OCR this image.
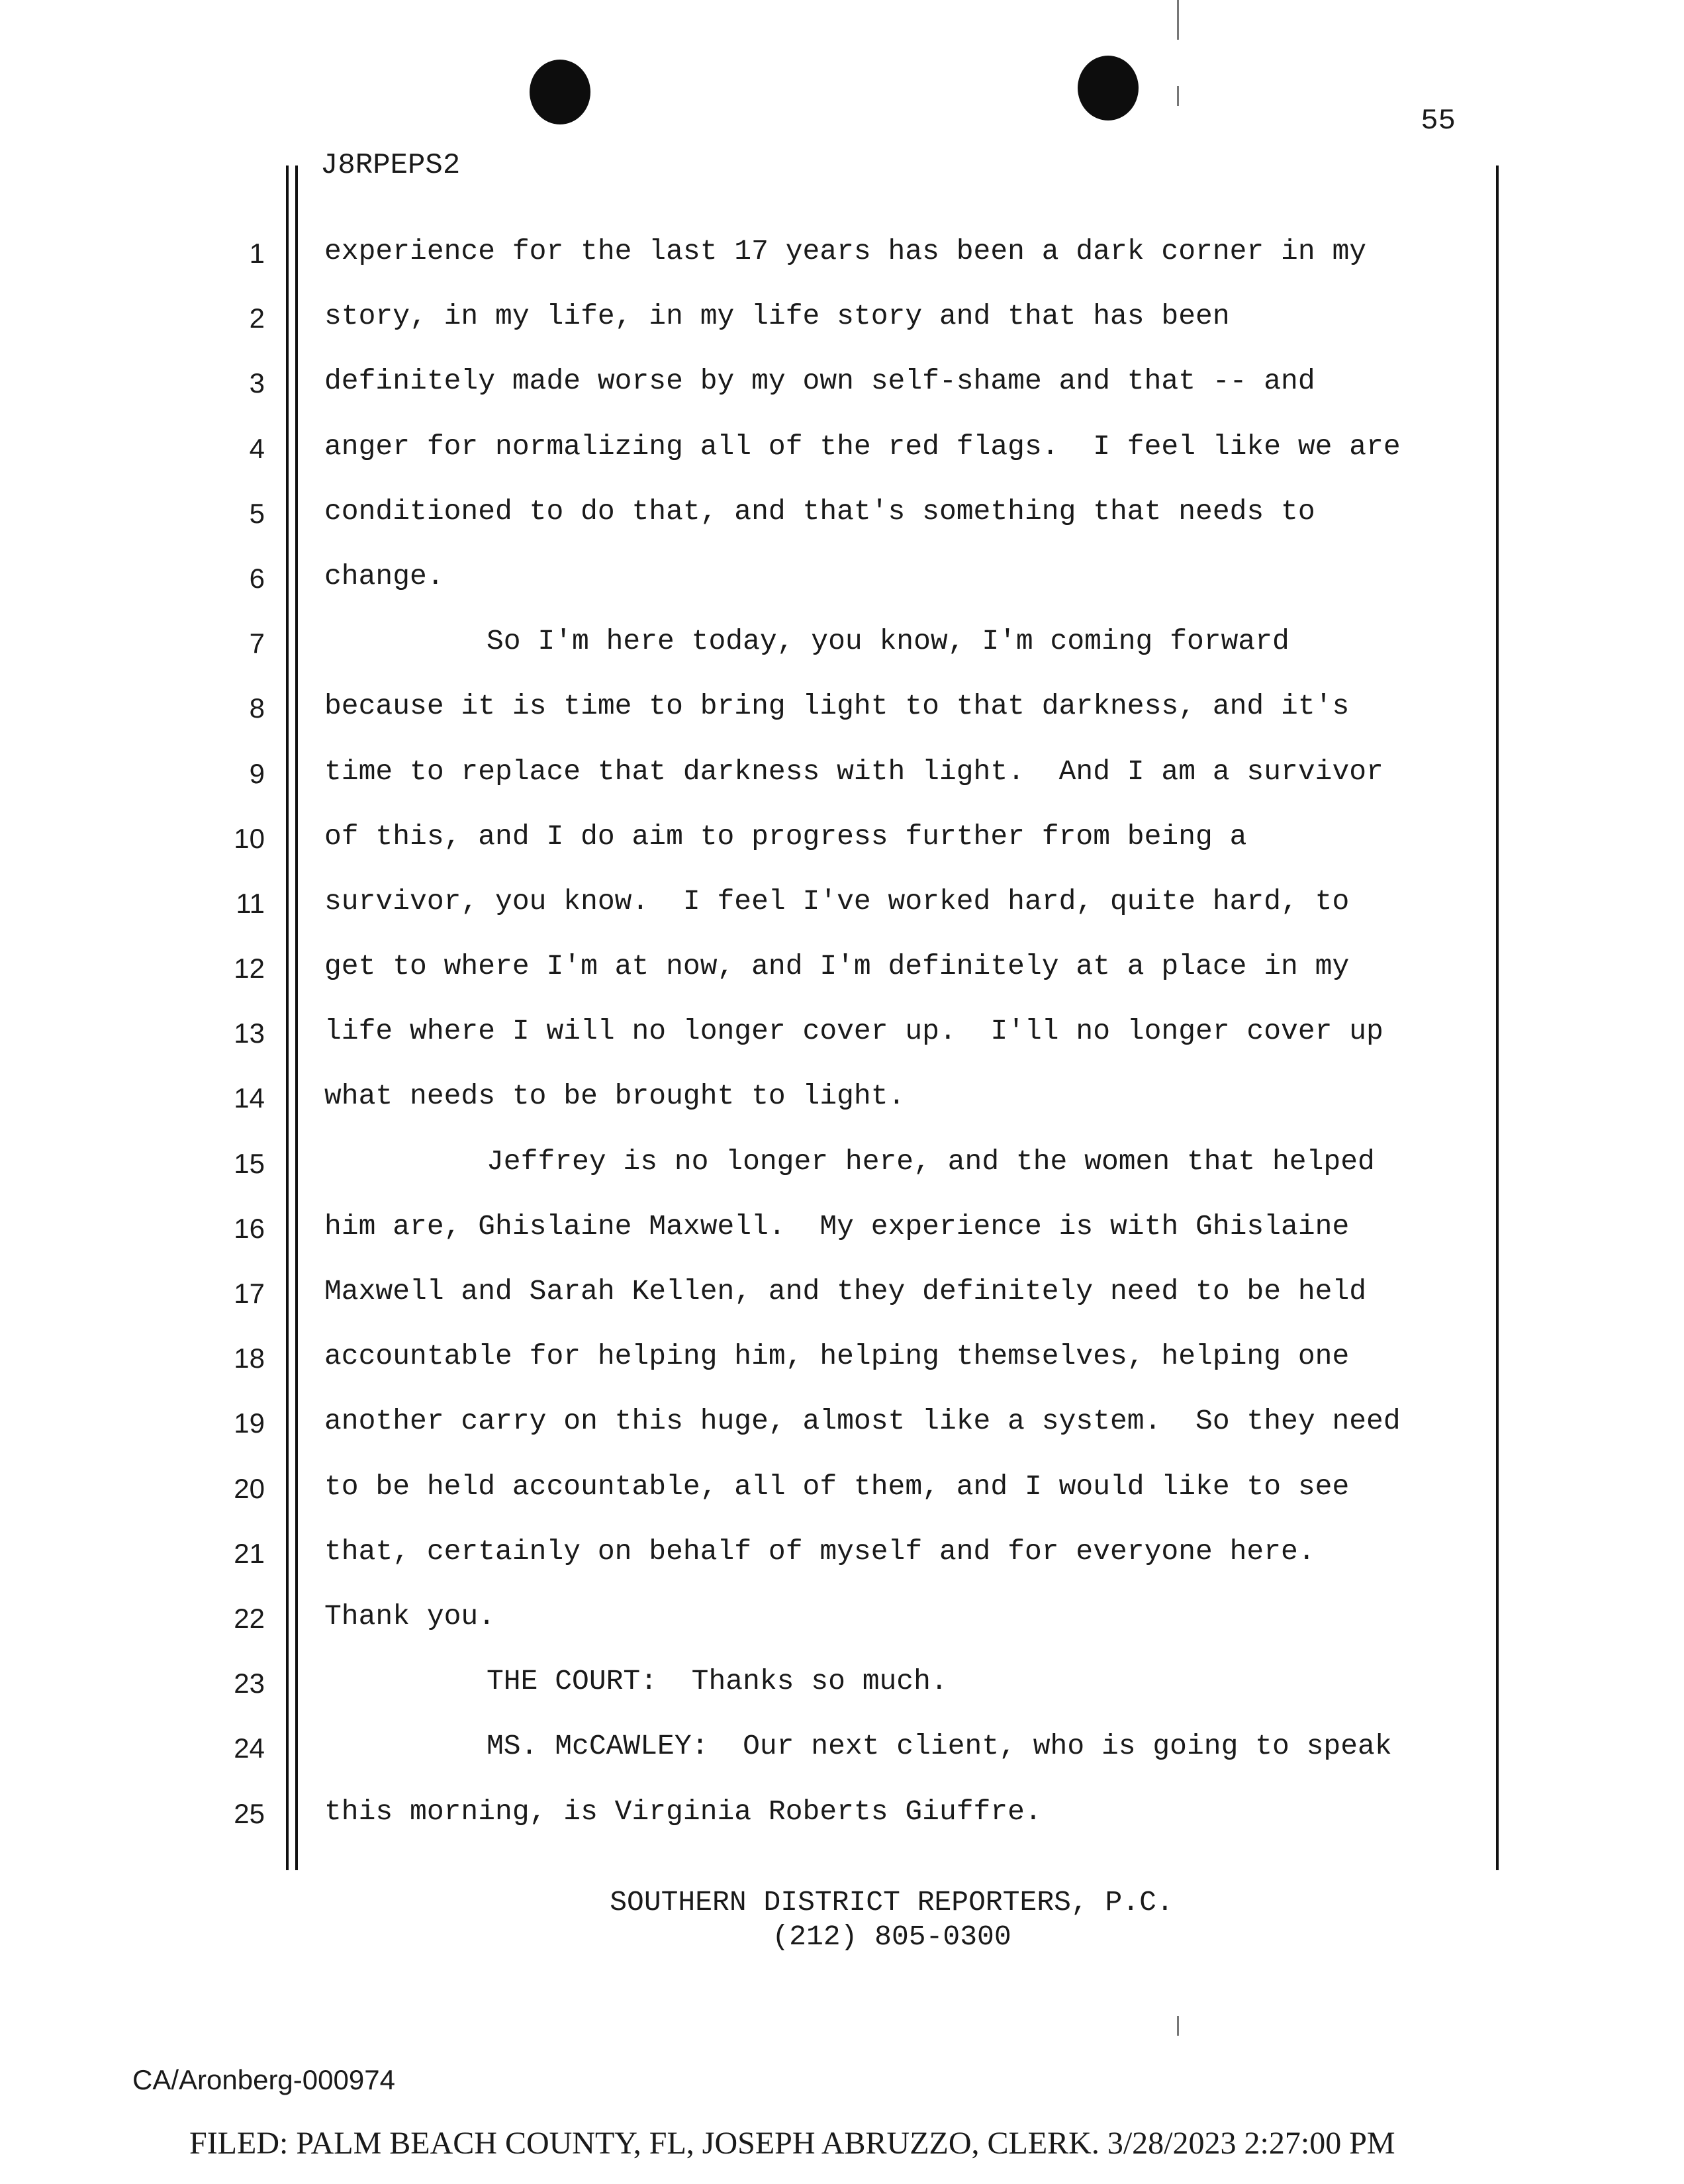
55
J8RPEPS2
1 experience for the last 17 years has been a dark corner in my
2 story, in my life, in my life story and that has been
3 definitely made worse by my own self-shame and that -- and
4 anger for normalizing all of the red flags.  I feel like we are
5 conditioned to do that, and that's something that needs to
6 change.
7	So I'm here today, you know, I'm coming forward
8 because it is time to bring light to that darkness, and it's
9 time to replace that darkness with light.  And I am a survivor
10 of this, and I do aim to progress further from being a
11 survivor, you know.  I feel I've worked hard, quite hard, to
12 get to where I'm at now, and I'm definitely at a place in my
13 life where I will no longer cover up.  I'll no longer cover up
14 what needs to be brought to light.
15	Jeffrey is no longer here, and the women that helped
16 him are, Ghislaine Maxwell.  My experience is with Ghislaine
17 Maxwell and Sarah Kellen, and they definitely need to be held
18 accountable for helping him, helping themselves, helping one
19 another carry on this huge, almost like a system.  So they need
20 to be held accountable, all of them, and I would like to see
21 that, certainly on behalf of myself and for everyone here.
22 Thank you.
23	THE COURT:  Thanks so much.
24	MS. McCAWLEY:  Our next client, who is going to speak
25 this morning, is Virginia Roberts Giuffre.
SOUTHERN DISTRICT REPORTERS, P.C.
(212) 805-0300
CA/Aronberg-000974
FILED: PALM BEACH COUNTY, FL, JOSEPH ABRUZZO, CLERK. 3/28/2023 2:27:00 PM
